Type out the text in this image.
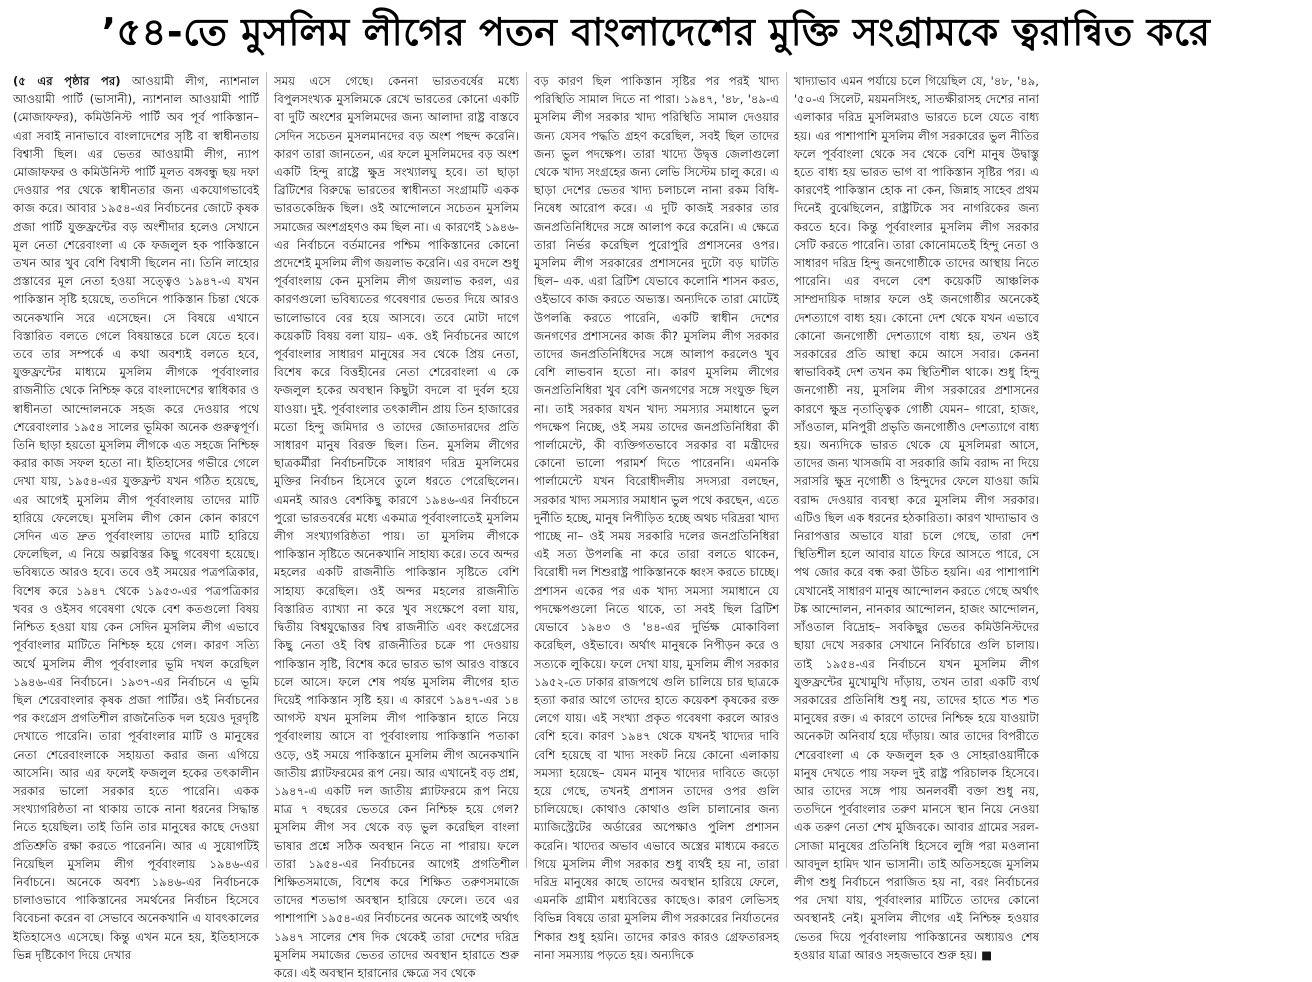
’৫৪-তে মুসলিম লীগের পতন বাংলাদেশের মুক্তি সংগ্রামকে ত্বরান্বিত করে

(৫ এর পৃষ্ঠার পর) আওয়ামী লীগ, ন্যাশনাল আওয়ামী পার্টি (ভাসানী), ন্যাশনাল আওয়ামী পার্টি (মোজাফফর), কমিউনিস্ট পার্টি অব পূর্ব পাকিস্তান– এরা সবাই নানাভাবে বাংলাদেশের সৃষ্টি বা স্বাধীনতায় বিশ্বাসী ছিল। এর ভেতর আওয়ামী লীগ, ন্যাপ মোজাফফর ও কমিউনিস্ট পার্টি মূলত বঙ্গবন্ধু ছয় দফা দেওয়ার পর থেকে স্বাধীনতার জন্য একযোগভাবেই কাজ করে। আবার ১৯৫৪-এর নির্বাচনের জোটে কৃষক প্রজা পার্টি যুক্তফ্রন্টের বড় অংশীদার হলেও সেখানে মূল নেতা শেরেবাংলা এ কে ফজলুল হক পাকিস্তানে তখন আর খুব বেশি বিশ্বাসী ছিলেন না। তিনি লাহোর প্রস্তাবের মূল নেতা হওয়া সত্ত্বেও ১৯৪৭-এ যখন পাকিস্তান সৃষ্টি হয়েছে, ততদিনে পাকিস্তান চিন্তা থেকে অনেকখানি সরে এসেছেন। সে বিষয়ে এখানে বিস্তারিত বলতে গেলে বিষয়ান্তরে চলে যেতে হবে। তবে তার সম্পর্কে এ কথা অবশ্যই বলতে হবে, যুক্তফ্রন্টের মাধ্যমে মুসলিম লীগকে পূর্ববাংলার রাজনীতি থেকে নিশ্চিহ্ন করে বাংলাদেশের স্বাধিকার ও স্বাধীনতা আন্দোলনকে সহজ করে দেওয়ার পথে শেরেবাংলার ১৯৫৪ সালের ভূমিকা অনেক গুরুত্বপূর্ণ। তিনি ছাড়া হয়তো মুসলিম লীগকে এত সহজে নিশ্চিহ্ন করার কাজ সফল হতো না। ইতিহাসের গভীরে গেলে দেখা যায়, ১৯৫৪-এর যুক্তফ্রন্ট যখন গঠিত হয়েছে, এর আগেই মুসলিম লীগ পূর্ববাংলায় তাদের মাটি হারিয়ে ফেলেছে। মুসলিম লীগ কোন কোন কারণে সেদিন এত দ্রুত পূর্ববাংলায় তাদের মাটি হারিয়ে ফেলেছিল, এ নিয়ে অল্পবিস্তর কিছু গবেষণা হয়েছে। ভবিষ্যতে আরও হবে। তবে ওই সময়ের পত্রপত্রিকার, বিশেষ করে ১৯৪৭ থেকে ১৯৫৩-এর পত্রপত্রিকার খবর ও ওইসব গবেষণা থেকে বেশ কতগুলো বিষয় নিশ্চিত হওয়া যায় কেন সেদিন মুসলিম লীগ এভাবে পূর্ববাংলার মাটিতে নিশ্চিহ্ন হয়ে গেল। কারণ সত্যি অর্থে মুসলিম লীগ পূর্ববাংলার ভূমি দখল করেছিল ১৯৪৬-এর নির্বাচনে। ১৯৩৭-এর নির্বাচনে এ ভূমি ছিল শেরেবাংলার কৃষক প্রজা পার্টির। ওই নির্বাচনের পর কংগ্রেস প্রগতিশীল রাজনৈতিক দল হয়েও দূরদৃষ্টি দেখাতে পারেনি। তারা পূর্ববাংলার মাটি ও মানুষের নেতা শেরেবাংলাকে সহায়তা করার জন্য এগিয়ে আসেনি। আর এর ফলেই ফজলুল হকের তৎকালীন সরকার ভালো সরকার হতে পারেনি। একক সংখ্যাগরিষ্ঠতা না থাকায় তাকে নানা ধরনের সিদ্ধান্ত নিতে হয়েছিল। তাই তিনি তার মানুষের কাছে দেওয়া প্রতিশ্রুতি রক্ষা করতে পারেননি। আর এ সুযোগটিই নিয়েছিল মুসলিম লীগ পূর্ববাংলায় ১৯৪৬-এর নির্বাচনে। অনেকে অবশ্য ১৯৪৬-এর নির্বাচনকে চালাওভাবে পাকিস্তানের সমর্থনের নির্বাচন হিসেবে বিবেচনা করেন বা সেভাবে অনেকখানি এ যাবৎকালের ইতিহাসেও এসেছে। কিন্তু এখন মনে হয়, ইতিহাসকে ভিন্ন দৃষ্টিকোণ দিয়ে দেখার

সময় এসে গেছে। কেননা ভারতবর্ষের মধ্যে বিপুলসংখ্যক মুসলিমকে রেখে ভারতের কোনো একটি বা দুটি অংশের মুসলিমদের জন্য আলাদা রাষ্ট্র বাস্তবে সেদিন সচেতন মুসলমানদের বড় অংশ পছন্দ করেনি। কারণ তারা জানতেন, এর ফলে মুসলিমদের বড় অংশ একটি হিন্দু রাষ্ট্রে ক্ষুদ্র সংখ্যালঘু হবে। তা ছাড়া ব্রিটিশের বিরুদ্ধে ভারতের স্বাধীনতা সংগ্রামটি একক ভারতকেন্দ্রিক ছিল। ওই আন্দোলনে সচেতন মুসলিম সমাজের অংশগ্রহণও কম ছিল না। এ কারণেই ১৯৪৬-এর নির্বাচনে বর্তমানের পশ্চিম পাকিস্তানের কোনো প্রদেশেই মুসলিম লীগ জয়লাভ করেনি। এর বদলে শুধু পূর্ববাংলায় কেন মুসলিম লীগ জয়লাভ করল, এর কারণগুলো ভবিষ্যতের গবেষণার ভেতর দিয়ে আরও ভালোভাবে বের হয়ে আসবে। তবে মোটা দাগে কয়েকটি বিষয় বলা যায়– এক. ওই নির্বাচনের আগে পূর্ববাংলার সাধারণ মানুষের সব থেকে প্রিয় নেতা, বিশেষ করে বিত্তহীনের নেতা শেরেবাংলা এ কে ফজলুল হকের অবস্থান কিছুটা বদলে বা দুর্বল হয়ে যাওয়া। দুই. পূর্ববাংলার তৎকালীন প্রায় তিন হাজারের মতো হিন্দু জমিদার ও তাদের জোতদারদের প্রতি সাধারণ মানুষ বিরক্ত ছিল। তিন. মুসলিম লীগের ছাত্রকর্মীরা নির্বাচনটিকে সাধারণ দরিদ্র মুসলিমের মুক্তির নির্বাচন হিসেবে তুলে ধরতে পেরেছিলেন। এমনই আরও বেশকিছু কারণে ১৯৪৬-এর নির্বাচনে পুরো ভারতবর্ষের মধ্যে একমাত্র পূর্ববাংলাতেই মুসলিম লীগ সংখ্যাগরিষ্ঠতা পায়। তা মুসলিম লীগকে পাকিস্তান সৃষ্টিতে অনেকখানি সাহায্য করে। তবে অন্দর মহলের একটি রাজনীতি পাকিস্তান সৃষ্টিতে বেশি সাহায্য করেছিল। ওই অন্দর মহলের রাজনীতি বিস্তারিত ব্যাখ্যা না করে খুব সংক্ষেপে বলা যায়, দ্বিতীয় বিশ্বযুদ্ধোত্তর বিশ্ব রাজনীতি এবং কংগ্রেসের কিছু নেতা ওই বিশ্ব রাজনীতির চক্রে পা দেওয়ায় পাকিস্তান সৃষ্টি, বিশেষ করে ভারত ভাগ আরও বাস্তবে চলে আসে। ফলে শেষ পর্যন্ত মুসলিম লীগের হাত দিয়েই পাকিস্তান সৃষ্টি হয়। এ কারণে ১৯৪৭-এর ১৪ আগস্ট যখন মুসলিম লীগ পাকিস্তান হাতে নিয়ে পূর্ববাংলায় আসে বা পূর্ববাংলায় পাকিস্তানি পতাকা ওড়ে, ওই সময়ে পাকিস্তানে মুসলিম লীগ অনেকখানি জাতীয় প্ল্যাটফরমের রূপ নেয়। আর এখানেই বড় প্রশ্ন, ১৯৪৭-এ একটি দল জাতীয় প্ল্যাটফরমে রূপ নিয়ে মাত্র ৭ বছরের ভেতরে কেন নিশ্চিহ্ন হয়ে গেল? মুসলিম লীগ সব থেকে বড় ভুল করেছিল বাংলা ভাষার প্রশ্নে সঠিক অবস্থান নিতে না পারায়। ফলে তারা ১৯৫৪-এর নির্বাচনের আগেই প্রগতিশীল শিক্ষিতসমাজে, বিশেষ করে শিক্ষিত তরুণসমাজে তাদের শতভাগ অবস্থান হারিয়ে ফেলে। তবে এর পাশাপাশি ১৯৫৪-এর নির্বাচনের অনেক আগেই অর্থাৎ ১৯৪৭ সালের শেষ দিক থেকেই তারা দেশের দরিদ্র মুসলিম সমাজের ভেতর তাদের অবস্থান হারাতে শুরু করে। এই অবস্থান হারানোর ক্ষেত্রে সব থেকে

বড় কারণ ছিল পাকিস্তান সৃষ্টির পর পরই খাদ্য পরিস্থিতি সামাল দিতে না পারা। ১৯৪৭, '৪৮, '৪৯-এ মুসলিম লীগ সরকার খাদ্য পরিস্থিতি সামাল দেওয়ার জন্য যেসব পদ্ধতি গ্রহণ করেছিল, সবই ছিল তাদের জন্য ভুল পদক্ষেপ। তারা খাদ্যে উদ্বৃত্ত জেলাগুলো থেকে খাদ্য সংগ্রহের জন্য লেভি সিস্টেম চালু করে। এ ছাড়া দেশের ভেতর খাদ্য চলাচলে নানা রকম বিধি-নিষেধ আরোপ করে। এ দুটি কাজই সরকার তার জনপ্রতিনিধিদের সঙ্গে আলাপ করে করেনি। এ ক্ষেত্রে তারা নির্ভর করেছিল পুরোপুরি প্রশাসনের ওপর। মুসলিম লীগ সরকারের প্রশাসনের দুটো বড় ঘাটতি ছিল– এক. এরা ব্রিটিশ যেভাবে কলোনি শাসন করত, ওইভাবে কাজ করতে অভ্যস্ত। অন্যদিকে তারা মোটেই উপলব্ধি করতে পারেনি, একটি স্বাধীন দেশের জনগণের প্রশাসনের কাজ কী? মুসলিম লীগ সরকার তাদের জনপ্রতিনিধিদের সঙ্গে আলাপ করলেও খুব বেশি লাভবান হতো না। কারণ মুসলিম লীগের জনপ্রতিনিধিরা খুব বেশি জনগণের সঙ্গে সংযুক্ত ছিল না। তাই সরকার যখন খাদ্য সমস্যার সমাধানে ভুল পদক্ষেপ নিচ্ছে, ওই সময় তাদের জনপ্রতিনিধিরা কী পার্লামেন্টে, কী ব্যক্তিগতভাবে সরকার বা মন্ত্রীদের কোনো ভালো পরামর্শ দিতে পারেননি। এমনকি পার্লামেন্টে যখন বিরোধীদলীয় সদস্যরা বলছেন, সরকার খাদ্য সমস্যার সমাধান ভুল পথে করছেন, এতে দুর্নীতি হচ্ছে, মানুষ নিপীড়িত হচ্ছে অথচ দরিদ্ররা খাদ্য পাচ্ছে না– ওই সময় সরকারি দলের জনপ্রতিনিধিরা এই সত্য উপলব্ধি না করে তারা বলতে থাকেন, বিরোধী দল শিশুরাষ্ট্র পাকিস্তানকে ধ্বংস করতে চাচ্ছে। প্রশাসন একের পর এক খাদ্য সমস্যা সমাধানে যে পদক্ষেপগুলো নিতে থাকে, তা সবই ছিল ব্রিটিশ যেভাবে ১৯৪৩ ও '৪৪-এর দুর্ভিক্ষ মোকাবিলা করেছিল, ওইভাবে। অর্থাৎ মানুষকে নিপীড়ন করে ও সত্যকে লুকিয়ে। ফলে দেখা যায়, মুসলিম লীগ সরকার ১৯৫২-তে ঢাকার রাজপথে গুলি চালিয়ে চার ছাত্রকে হত্যা করার আগে তাদের হাতে কয়েকশ কৃষকের রক্ত লেগে যায়। এই সংখ্যা প্রকৃত গবেষণা করলে আরও বেশি হবে। কারণ ১৯৪৭ থেকে যখনই খাদ্যের দাবি বেশি হয়েছে বা খাদ্য সংকট নিয়ে কোনো এলাকায় সমস্যা হয়েছে– যেমন মানুষ খাদ্যের দাবিতে জড়ো হয়ে গেছে, তখনই প্রশাসন তাদের ওপর গুলি চালিয়েছে। কোথাও কোথাও গুলি চালানোর জন্য ম্যাজিস্ট্রেটের অর্ডারের অপেক্ষাও পুলিশ প্রশাসন করেনি। খাদ্যের অভাব এভাবে অস্ত্রের মাধ্যমে করতে গিয়ে মুসলিম লীগ সরকার শুধু ব্যর্থই হয় না, তারা দরিদ্র মানুষের কাছে তাদের অবস্থান হারিয়ে ফেলে, এমনকি গ্রামীণ মধ্যবিত্তের কাছেও। কারণ লেভিসহ বিভিন্ন বিষয়ে তারা মুসলিম লীগ সরকারের নির্যাতনের শিকার শুধু হয়নি। তাদের কারও কারও গ্রেফতারসহ নানা সমস্যায় পড়তে হয়। অন্যদিকে

খাদ্যাভাব এমন পর্যায়ে চলে গিয়েছিল যে, '৪৮, '৪৯, '৫০-এ সিলেট, ময়মনসিংহ, সাতক্ষীরাসহ দেশের নানা এলাকার দরিদ্র মুসলিমরাও ভারতে চলে যেতে বাধ্য হয়। এর পাশাপাশি মুসলিম লীগ সরকারের ভুল নীতির ফলে পূর্ববাংলা থেকে সব থেকে বেশি মানুষ উদ্বাস্তু হতে বাধ্য হয় ভারত ভাগ বা পাকিস্তান সৃষ্টির পর। এ কারণেই পাকিস্তান হোক না কেন, জিন্নাহ সাহেব প্রথম দিনেই বুঝেছিলেন, রাষ্ট্রটিকে সব নাগরিকের জন্য করতে হবে। কিন্তু পূর্ববাংলার মুসলিম লীগ সরকার সেটি করতে পারেনি। তারা কোনোমতেই হিন্দু নেতা ও সাধারণ দরিদ্র হিন্দু জনগোষ্ঠীকে তাদের আস্থায় নিতে পারেনি। এর বদলে বেশ কয়েকটি আঞ্চলিক সাম্প্রদায়িক দাঙ্গার ফলে ওই জনগোষ্ঠীর অনেকেই দেশত্যাগে বাধ্য হয়। কোনো দেশ থেকে যখন এভাবে কোনো জনগোষ্ঠী দেশত্যাগে বাধ্য হয়, তখন ওই সরকারের প্রতি আস্থা কমে আসে সবার। কেননা স্বাভাবিকই দেশ তখন কম স্থিতিশীল থাকে। শুধু হিন্দু জনগোষ্ঠী নয়, মুসলিম লীগ সরকারের প্রশাসনের কারণে ক্ষুদ্র নৃতাত্ত্বিক গোষ্ঠী যেমন– গারো, হাজং, সাঁওতাল, মনিপুরী প্রভৃতি জনগোষ্ঠীও দেশত্যাগে বাধ্য হয়। অন্যদিকে ভারত থেকে যে মুসলিমরা আসে, তাদের জন্য খাসজমি বা সরকারি জমি বরাদ্দ না দিয়ে সরাসরি ক্ষুদ্র নৃগোষ্ঠী ও হিন্দুদের ফেলে যাওয়া জমি বরাদ্দ দেওয়ার ব্যবস্থা করে মুসলিম লীগ সরকার। এটিও ছিল এক ধরনের হঠকারিতা। কারণ খাদ্যাভাব ও নিরাপত্তার অভাবে যারা চলে গেছে, তারা দেশ স্থিতিশীল হলে আবার যাতে ফিরে আসতে পারে, সে পথ জোর করে বন্ধ করা উচিত হয়নি। এর পাশাপাশি যেখানেই সাধারণ মানুষ আন্দোলন করতে গেছে অর্থাৎ টঙ্ক আন্দোলন, নানকার আন্দোলন, হাজং আন্দোলন, সাঁওতাল বিদ্রোহ– সবকিছুর ভেতর কমিউনিস্টদের ছায়া দেখে সরকার সেখানে নির্বিচারে গুলি চালায়। তাই ১৯৫৪-এর নির্বাচনে যখন মুসলিম লীগ যুক্তফ্রন্টের মুখোমুখি দাঁড়ায়, তখন তারা একটি ব্যর্থ সরকারের প্রতিনিধি শুধু নয়, তাদের হাতে শত শত মানুষের রক্ত। এ কারণে তাদের নিশ্চিহ্ন হয়ে যাওয়াটা অনেকটা অনিবার্য হয়ে দাঁড়ায়। আর তাদের বিপরীতে শেরেবাংলা এ কে ফজলুল হক ও সোহরাওয়ার্দীকে মানুষ দেখতে পায় সফল দুই রাষ্ট্র পরিচালক হিসেবে। আর তাদের সঙ্গে পায় অনলবর্ষী বক্তা শুধু নয়, ততদিনে পূর্ববাংলার তরুণ মানসে স্থান নিয়ে নেওয়া এক তরুণ নেতা শেখ মুজিবকে। আবার গ্রামের সরল-সোজা মানুষের প্রতিনিধি হিসেবে লুঙ্গি পরা মওলানা আবদুল হামিদ খান ভাসানী। তাই অতিসহজে মুসলিম লীগ শুধু নির্বাচনে পরাজিত হয় না, বরং নির্বাচনের পর দেখা যায়, পূর্ববাংলার মাটিতে তাদের কোনো অবস্থানই নেই। মুসলিম লীগের এই নিশ্চিহ্ন হওয়ার ভেতর দিয়ে পূর্ববাংলায় পাকিস্তানের অধ্যায়ও শেষ হওয়ার যাত্রা আরও সহজভাবে শুরু হয়। ■
